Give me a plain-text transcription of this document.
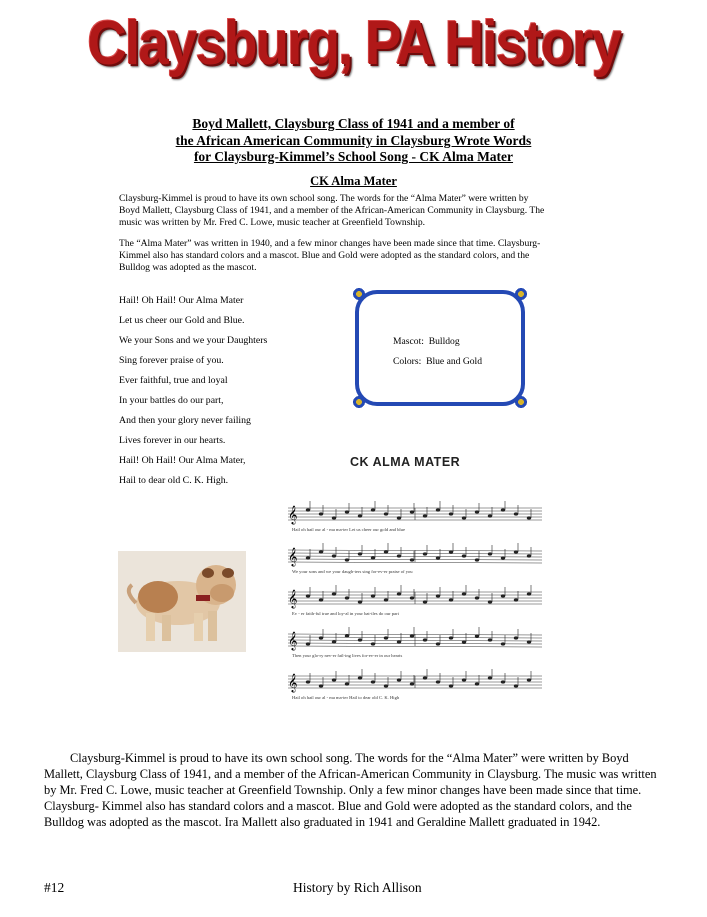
Claysburg, PA History
Boyd Mallett, Claysburg Class of 1941 and a member of
the African American Community in Claysburg Wrote Words
for Claysburg-Kimmel’s School Song - CK Alma Mater
CK Alma Mater

Claysburg-Kimmel is proud to have its own school song. The words for the “Alma Mater” were written by Boyd Mallett, Claysburg Class of 1941, and a member of the African-American Community in Claysburg. The music was written by Mr. Fred C. Lowe, music teacher at Greenfield Township.

The “Alma Mater” was written in 1940, and a few minor changes have been made since that time. Claysburg-Kimmel also has standard colors and a mascot. Blue and Gold were adopted as the standard colors, and the Bulldog was adopted as the mascot.

Hail! Oh Hail! Our Alma Mater
Let us cheer our Gold and Blue.
We your Sons and we your Daughters
Sing forever praise of you.
Ever faithful, true and loyal
In your battles do our part,
And then your glory never failing
Lives forever in our hearts.
Hail! Oh Hail! Our Alma Mater,
Hail to dear old C. K. High.
Mascot: Bulldog
Colors: Blue and Gold
CK ALMA MATER
𝄞
Hail oh hail our al - ma ma-ter Let us cheer our gold and blue
𝄞
We your sons and we your daugh-ters sing for-ev-er praise of you
𝄞
Ev - er faith-ful true and loy-al in your bat-tles do our part
𝄞
Then your glo-ry nev-er fail-ing lives for-ev-er in our hearts
𝄞
Hail oh hail our al - ma ma-ter Hail to dear old C. K. High

Claysburg-Kimmel is proud to have its own school song. The words for the “Alma Mater” were written by Boyd Mallett, Claysburg Class of 1941, and a member of the African-American Community in Claysburg. The music was written by Mr. Fred C. Lowe, music teacher at Greenfield Township. Only a few minor changes have been made since that time. Claysburg- Kimmel also has standard colors and a mascot. Blue and Gold were adopted as the standard colors, and the Bulldog was adopted as the mascot. Ira Mallett also graduated in 1941 and Geraldine Mallett graduated in 1942.

#12	History by Rich Allison
